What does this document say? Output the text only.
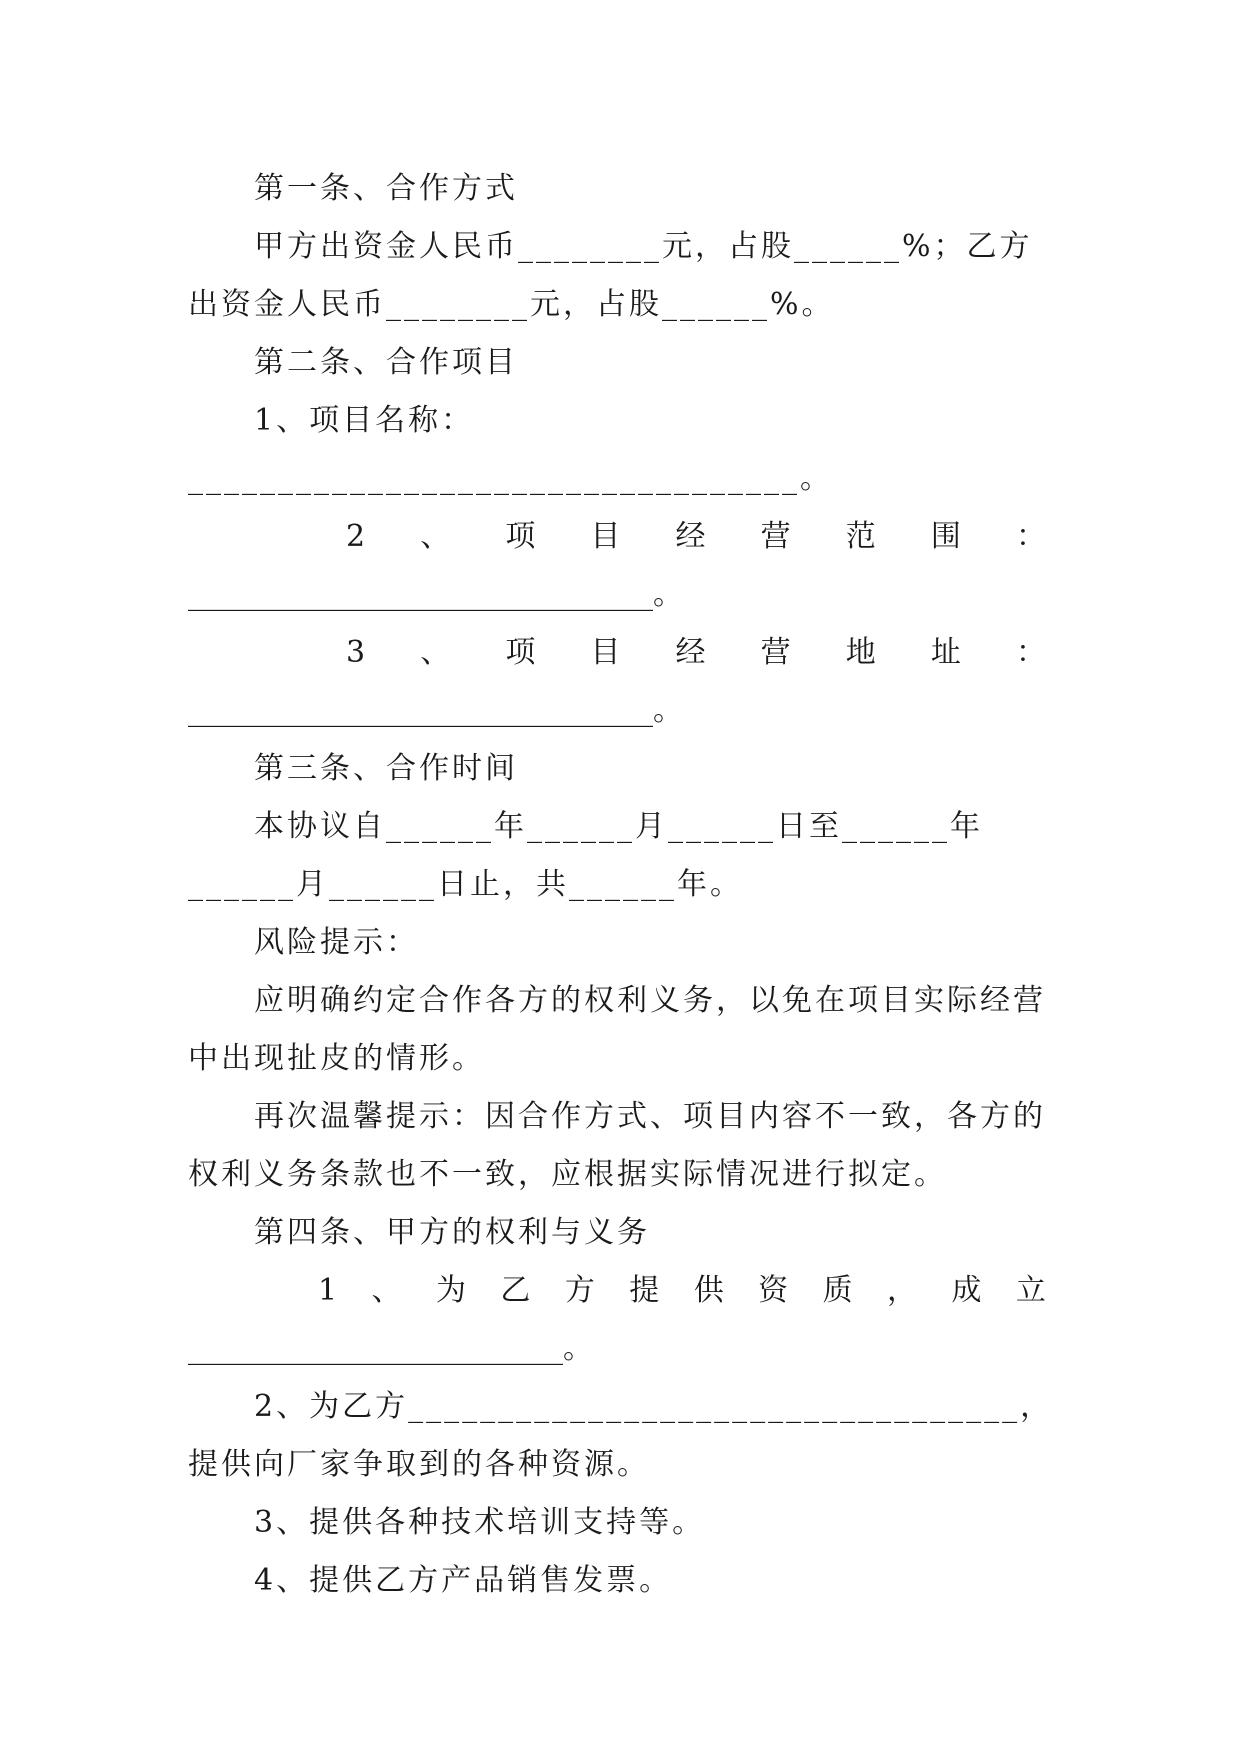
第一条、合作方式

甲方出资金人民币________元，占股______%；乙方出资金人民币________元，占股______%。

第二条、合作项目

1、项目名称：__________________________________。

2 、 项 目 经 营 范 围 ：

_______________________________。

3 、 项 目 经 营 地 址 ：

_______________________________。

第三条、合作时间

本协议自______年______月______日至______年______月______日止，共______年。

风险提示：

应明确约定合作各方的权利义务，以免在项目实际经营中出现扯皮的情形。

再次温馨提示：因合作方式、项目内容不一致，各方的权利义务条款也不一致，应根据实际情况进行拟定。

第四条、甲方的权利与义务

1 、 为 乙 方 提 供 资 质 ， 成 立

_________________________。

2、为乙方__________________________________，提供向厂家争取到的各种资源。

3、提供各种技术培训支持等。

4、提供乙方产品销售发票。
